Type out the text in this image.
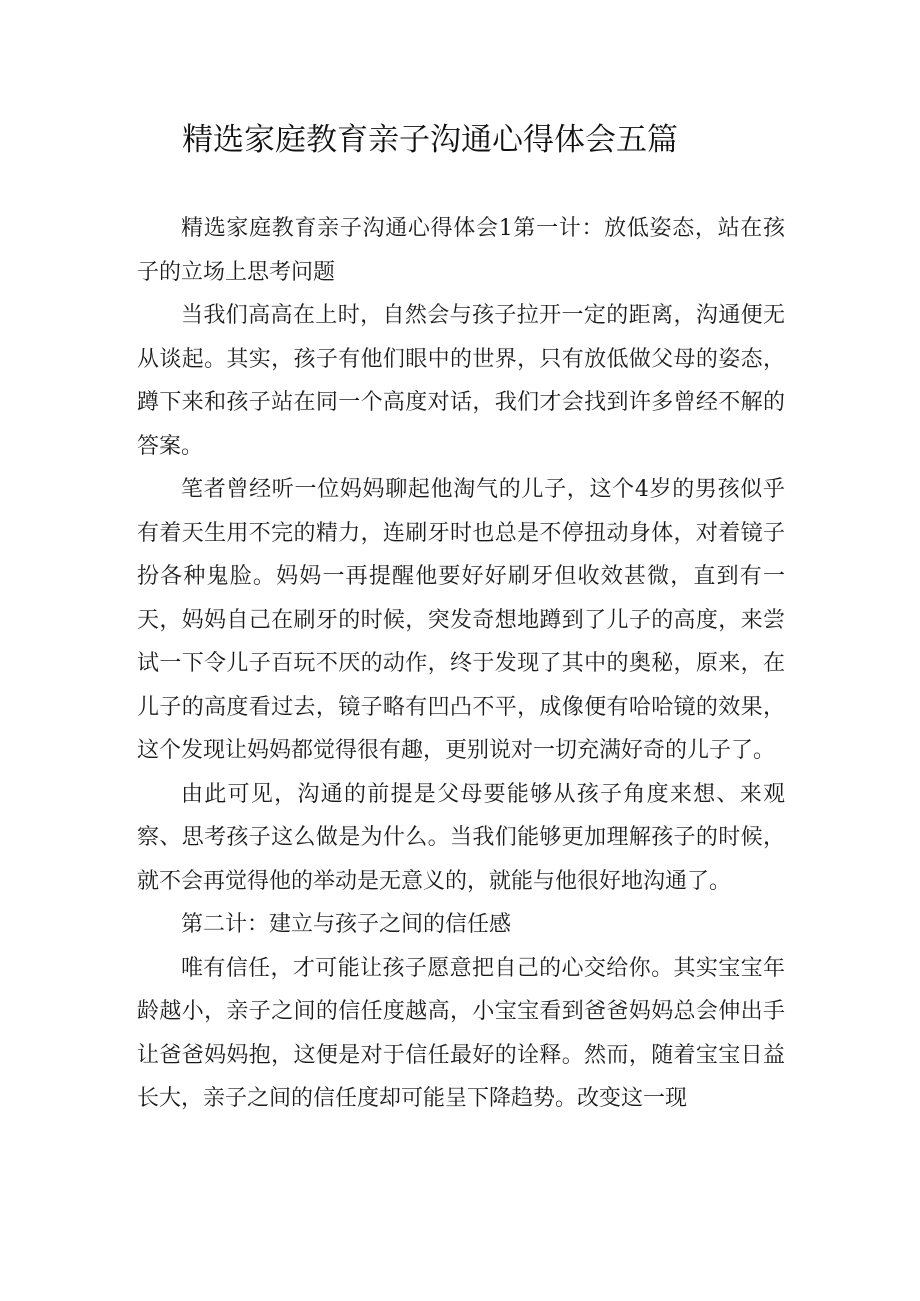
精选家庭教育亲子沟通心得体会五篇

精选家庭教育亲子沟通心得体会1第一计：放低姿态，站在孩子的立场上思考问题

当我们高高在上时，自然会与孩子拉开一定的距离，沟通便无从谈起。其实，孩子有他们眼中的世界，只有放低做父母的姿态，蹲下来和孩子站在同一个高度对话，我们才会找到许多曾经不解的答案。

笔者曾经听一位妈妈聊起他淘气的儿子，这个4岁的男孩似乎有着天生用不完的精力，连刷牙时也总是不停扭动身体，对着镜子扮各种鬼脸。妈妈一再提醒他要好好刷牙但收效甚微，直到有一天，妈妈自己在刷牙的时候，突发奇想地蹲到了儿子的高度，来尝试一下令儿子百玩不厌的动作，终于发现了其中的奥秘，原来，在儿子的高度看过去，镜子略有凹凸不平，成像便有哈哈镜的效果，这个发现让妈妈都觉得很有趣，更别说对一切充满好奇的儿子了。

由此可见，沟通的前提是父母要能够从孩子角度来想、来观察、思考孩子这么做是为什么。当我们能够更加理解孩子的时候，就不会再觉得他的举动是无意义的，就能与他很好地沟通了。

第二计：建立与孩子之间的信任感

唯有信任，才可能让孩子愿意把自己的心交给你。其实宝宝年龄越小，亲子之间的信任度越高，小宝宝看到爸爸妈妈总会伸出手让爸爸妈妈抱，这便是对于信任最好的诠释。然而，随着宝宝日益长大，亲子之间的信任度却可能呈下降趋势。改变这一现
